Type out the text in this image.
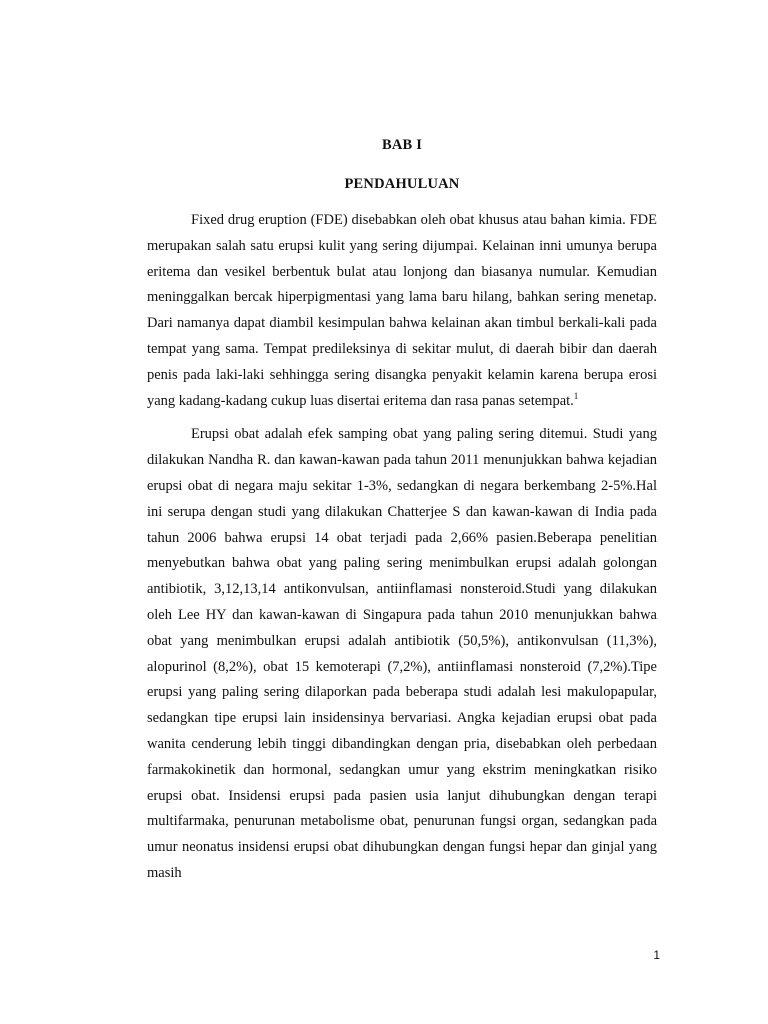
BAB I
PENDAHULUAN

Fixed drug eruption (FDE) disebabkan oleh obat khusus atau bahan kimia. FDE merupakan salah satu erupsi kulit yang sering dijumpai. Kelainan inni umunya berupa eritema dan vesikel berbentuk bulat atau lonjong dan biasanya numular. Kemudian meninggalkan bercak hiperpigmentasi yang lama baru hilang, bahkan sering menetap. Dari namanya dapat diambil kesimpulan bahwa kelainan akan timbul berkali-kali pada tempat yang sama. Tempat predileksinya di sekitar mulut, di daerah bibir dan daerah penis pada laki-laki sehhingga sering disangka penyakit kelamin karena berupa erosi yang kadang-kadang cukup luas disertai eritema dan rasa panas setempat.$^1$

Erupsi obat adalah efek samping obat yang paling sering ditemui. Studi yang dilakukan Nandha R. dan kawan-kawan pada tahun 2011 menunjukkan bahwa kejadian erupsi obat di negara maju sekitar 1-3%, sedangkan di negara berkembang 2-5%.Hal ini serupa dengan studi yang dilakukan Chatterjee S dan kawan-kawan di India pada tahun 2006 bahwa erupsi 14 obat terjadi pada 2,66% pasien.Beberapa penelitian menyebutkan bahwa obat yang paling sering menimbulkan erupsi adalah golongan antibiotik, 3,12,13,14 antikonvulsan, antiinflamasi nonsteroid.Studi yang dilakukan oleh Lee HY dan kawan-kawan di Singapura pada tahun 2010 menunjukkan bahwa obat yang menimbulkan erupsi adalah antibiotik (50,5%), antikonvulsan (11,3%), alopurinol (8,2%), obat 15 kemoterapi (7,2%), antiinflamasi nonsteroid (7,2%).Tipe erupsi yang paling sering dilaporkan pada beberapa studi adalah lesi makulopapular, sedangkan tipe erupsi lain insidensinya bervariasi. Angka kejadian erupsi obat pada wanita cenderung lebih tinggi dibandingkan dengan pria, disebabkan oleh perbedaan farmakokinetik dan hormonal, sedangkan umur yang ekstrim meningkatkan risiko erupsi obat. Insidensi erupsi pada pasien usia lanjut dihubungkan dengan terapi multifarmaka, penurunan metabolisme obat, penurunan fungsi organ, sedangkan pada umur neonatus insidensi erupsi obat dihubungkan dengan fungsi hepar dan ginjal yang masih

1
